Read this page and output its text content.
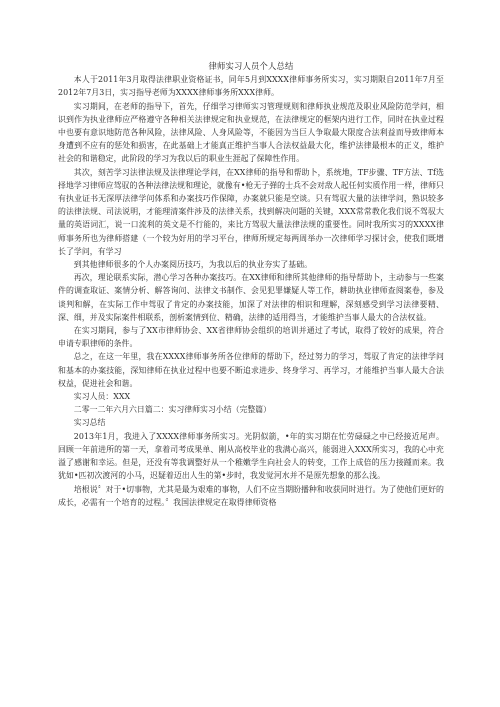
律师实习人员个人总结

本人于2011年3月取得法律职业资格证书，同年5月到XXXX律师事务所实习，实习期限自2011年7月至2012年7月3日，实习指导老师为XXXX律师事务所XXX律师。

实习期间，在老师的指导下，首先，仔细学习律师实习管理规则和律师执业规范及职业风险防范学问，相识到作为执业律师应严格遵守各种相关法律规定和执业规范，在法律规定的框架内进行工作，同时在执业过程中也要有意识地防范各种风险，法律风险、人身风险等，不能因为当巨人争取最大限度合法利益而导致律师本身遭到不应有的惩处和损害，在此基础上才能真正维护当事人合法权益最大化，维护法律最根本的正义，维护社会的和谐稳定，此阶段的学习为我以后的职业生涯起了保障性作用。

其次，刻苦学习法律法规及法律理论学问，在XX律师的指导和帮助卜，系统地，TF步骤、TF方法、Tf选择地学习律师应驾驭的各种法律法规和理论，就像有•枪无子弹的士兵不会对敌人起任何实质作用一样，律师只有执业证书无深厚法律学问体系和办案技巧作保障，办案就只能是空谈。只有驾驭大量的法律学问，熟识较多的法律法规、司法说明，才能理清案件涉及的法律关系，找到解决问题的关键，XXX常常教化我们说不驾驭大量的英语词汇，说一口流利的英文是不行能的，来比方驾驭大量法律法规的重要性。同时我所实习的XXXX律师事务所也为律师搭建（一个较为好用的学习平台，律师所规定每两周举办一次律师学习探讨会，使我们既增长了学问，有学习

到其他律师很多的个人办案阅历技巧，为我以后的执业夯实了基础。

再次，理论联系实际，潜心学习各种办案技巧。在XX律师和律所其他律师的指导帮助卜，主动参与一些案件的调查取证、案情分析、解答询问、法律文书制作、会见犯罪嫌疑人等工作，耕助执业律师查阅案卷，参及谈判和解，在实际工作中驾驭了肯定的办案技能，加深了对法律的相识和理解，深刻感受到学习法律要精、深、细，并及实际案件相联系，剖析案情到位、精确，法律的适用得当，才能维护当事人最大的合法权益。

在实习期间，参与了XX市律师协会、XX省律师协会组织的培训并通过了考试，取得了较好的成果，符合申请专职律师的条件。

总之，在这一年里，我在XXXX律师事务所各位律师的帮助下，经过努力的学习，驾驭了肯定的法律学问和基本的办案技能，深知律师在执业过程中也要不断追求进步、终身学习、再学习，才能维护当事人最大合法权益，促进社会和谐。

实习人员：XXX

二零一二年六月六日篇二：实习律师实习小结（完整篇）

实习总结

2013年1月，我进入了XXXX律师事务所实习。光阴似箭，•年的实习期在忙劳碌碌之中已经接近尾声。回顾一年前进所的第一天，拿着司考成果单、刚从高校毕业的我满心高兴，能弱进入XXX所实习，我的心中充溢了感谢和幸运。但是，还没有等我调整好从一个稚嫩学生向社会人的转变，工作上成倍的压力接踵而来。我犹如•匹初次渡河的小马，迟疑着迈出人生的第•步时，我发觉河水并不是原先想象的那么浅。

培根说〞对于•切事物，尤其是最为艰难的事物，人们不应当期盼播种和收获同时进行。为了使他们更好的成长，必需有一个培育的过程。〞我国法律规定在取得律师资格
